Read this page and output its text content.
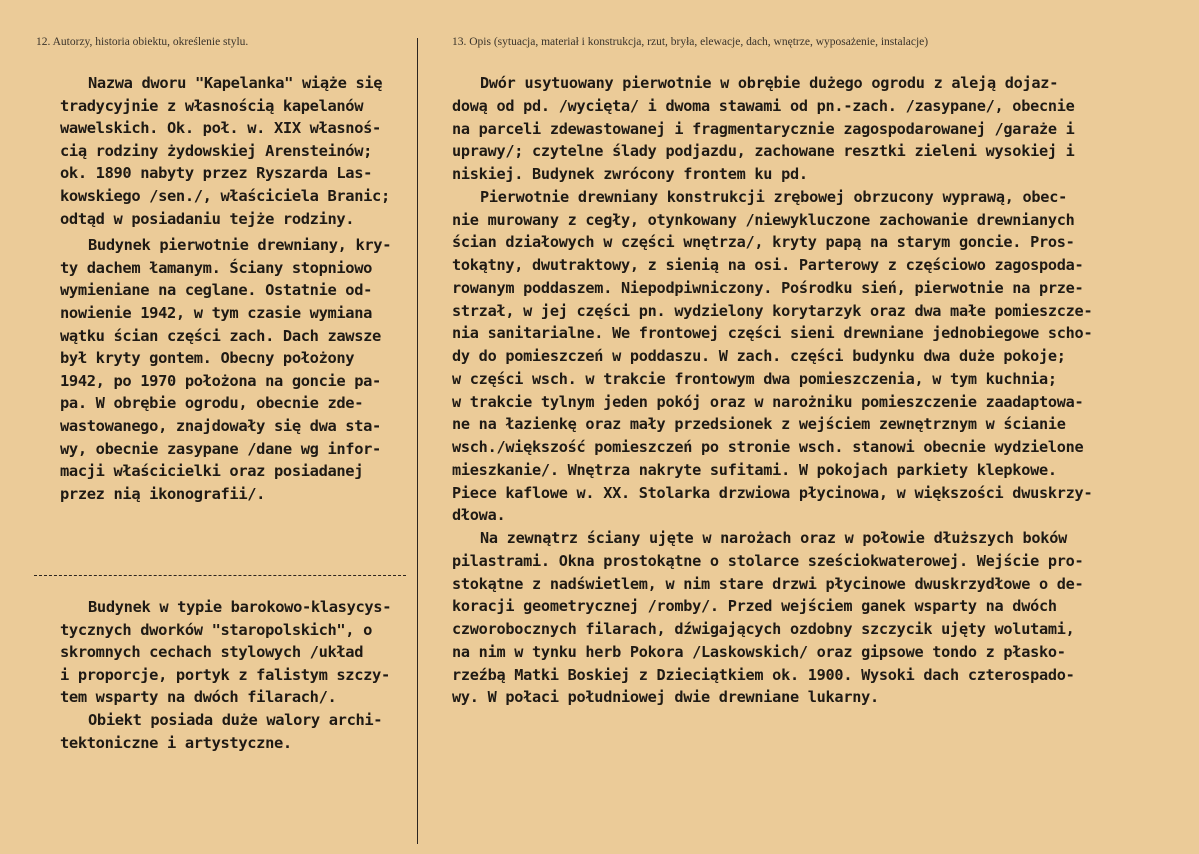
12. Autorzy, historia obiektu, określenie stylu.	13. Opis (sytuacja, materiał i konstrukcja, rzut, bryła, elewacje, dach, wnętrze, wyposażenie, instalacje)
Nazwa dworu "Kapelanka" wiąże się
tradycyjnie z własnością kapelanów
wawelskich. Ok. poł. w. XIX własnoś-
cią rodziny żydowskiej Arensteinów;
ok. 1890 nabyty przez Ryszarda Las-
kowskiego /sen./, właściciela Branic;
odtąd w posiadaniu tejże rodziny.
Budynek pierwotnie drewniany, kry-
ty dachem łamanym. Ściany stopniowo
wymieniane na ceglane. Ostatnie od-
nowienie 1942, w tym czasie wymiana
wątku ścian części zach. Dach zawsze
był kryty gontem. Obecny położony
1942, po 1970 położona na goncie pa-
pa. W obrębie ogrodu, obecnie zde-
wastowanego, znajdowały się dwa sta-
wy, obecnie zasypane /dane wg infor-
macji właścicielki oraz posiadanej
przez nią ikonografii/.
Budynek w typie barokowo-klasycys-
tycznych dworków "staropolskich", o
skromnych cechach stylowych /układ
i proporcje, portyk z falistym szczy-
tem wsparty na dwóch filarach/.
Obiekt posiada duże walory archi-
tektoniczne i artystyczne.
Dwór usytuowany pierwotnie w obrębie dużego ogrodu z aleją dojaz-
dową od pd. /wycięta/ i dwoma stawami od pn.-zach. /zasypane/, obecnie
na parceli zdewastowanej i fragmentarycznie zagospodarowanej /garaże i
uprawy/; czytelne ślady podjazdu, zachowane resztki zieleni wysokiej i
niskiej. Budynek zwrócony frontem ku pd.
Pierwotnie drewniany konstrukcji zrębowej obrzucony wyprawą, obec-
nie murowany z cegły, otynkowany /niewykluczone zachowanie drewnianych
ścian działowych w części wnętrza/, kryty papą na starym goncie. Pros-
tokątny, dwutraktowy, z sienią na osi. Parterowy z częściowo zagospoda-
rowanym poddaszem. Niepodpiwniczony. Pośrodku sień, pierwotnie na prze-
strzał, w jej części pn. wydzielony korytarzyk oraz dwa małe pomieszcze-
nia sanitarialne. We frontowej części sieni drewniane jednobiegowe scho-
dy do pomieszczeń w poddaszu. W zach. części budynku dwa duże pokoje;
w części wsch. w trakcie frontowym dwa pomieszczenia, w tym kuchnia;
w trakcie tylnym jeden pokój oraz w narożniku pomieszczenie zaadaptowa-
ne na łazienkę oraz mały przedsionek z wejściem zewnętrznym w ścianie
wsch./większość pomieszczeń po stronie wsch. stanowi obecnie wydzielone
mieszkanie/. Wnętrza nakryte sufitami. W pokojach parkiety klepkowe.
Piece kaflowe w. XX. Stolarka drzwiowa płycinowa, w większości dwuskrzy-
dłowa.
Na zewnątrz ściany ujęte w narożach oraz w połowie dłuższych boków
pilastrami. Okna prostokątne o stolarce sześciokwaterowej. Wejście pro-
stokątne z nadświetlem, w nim stare drzwi płycinowe dwuskrzydłowe o de-
koracji geometrycznej /romby/. Przed wejściem ganek wsparty na dwóch
czworobocznych filarach, dźwigających ozdobny szczycik ujęty wolutami,
na nim w tynku herb Pokora /Laskowskich/ oraz gipsowe tondo z płasko-
rzeźbą Matki Boskiej z Dzieciątkiem ok. 1900. Wysoki dach czterospado-
wy. W połaci południowej dwie drewniane lukarny.
